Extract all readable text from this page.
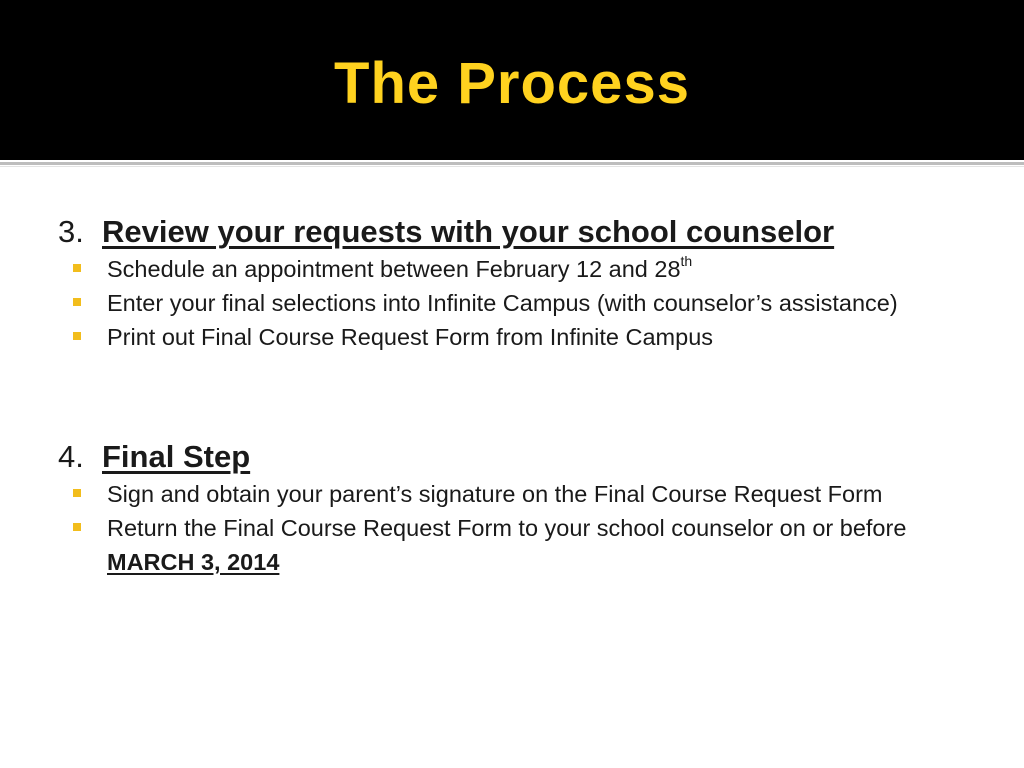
The Process
3. Review your requests with your school counselor
Schedule an appointment between February 12 and 28th
Enter your final selections into Infinite Campus (with counselor’s assistance)
Print out Final Course Request Form from Infinite Campus
4. Final Step
Sign and obtain your parent’s signature on the Final Course Request Form
Return the Final Course Request Form to your school counselor on or before MARCH 3, 2014
